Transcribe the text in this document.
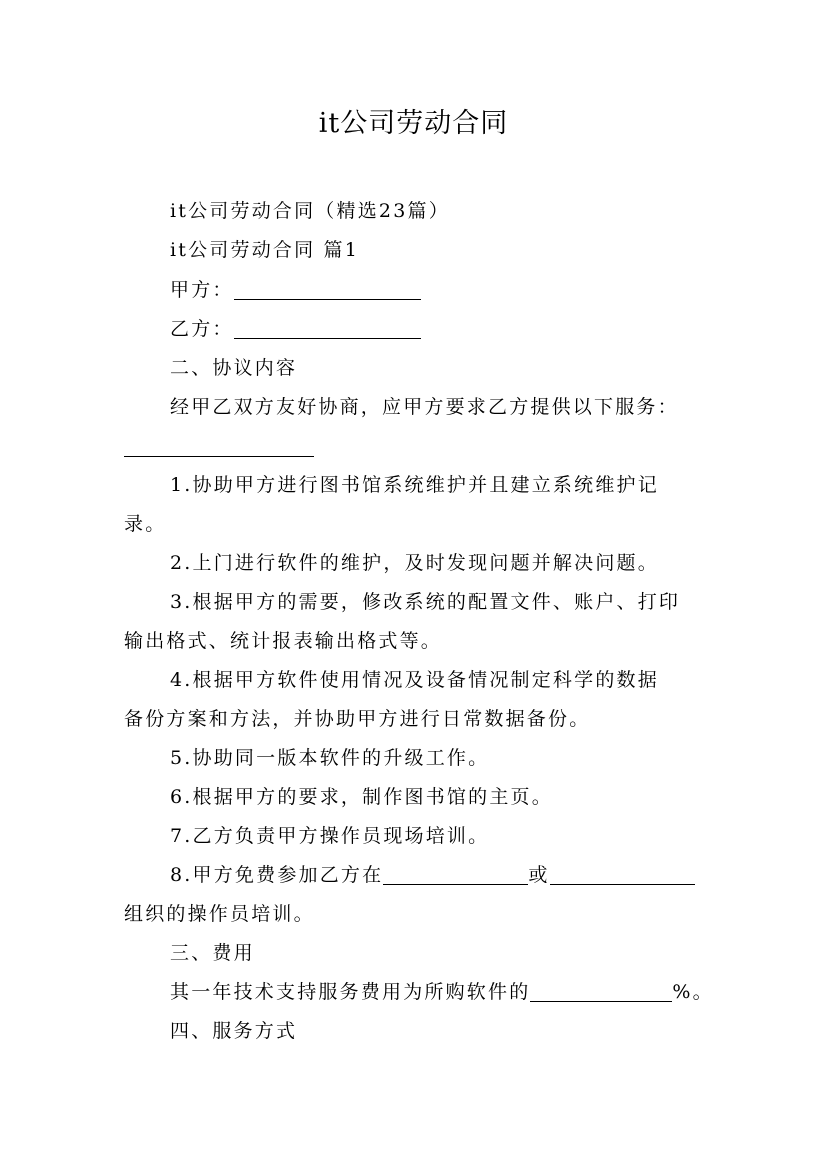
it公司劳动合同
it公司劳动合同（精选23篇）
it公司劳动合同 篇1
甲方：
乙方：
二、协议内容
经甲乙双方友好协商，应甲方要求乙方提供以下服务：
1.协助甲方进行图书馆系统维护并且建立系统维护记
录。
2.上门进行软件的维护，及时发现问题并解决问题。
3.根据甲方的需要，修改系统的配置文件、账户、打印
输出格式、统计报表输出格式等。
4.根据甲方软件使用情况及设备情况制定科学的数据
备份方案和方法，并协助甲方进行日常数据备份。
5.协助同一版本软件的升级工作。
6.根据甲方的要求，制作图书馆的主页。
7.乙方负责甲方操作员现场培训。
8.甲方免费参加乙方在	或
组织的操作员培训。
三、费用
其一年技术支持服务费用为所购软件的	%。
四、服务方式
